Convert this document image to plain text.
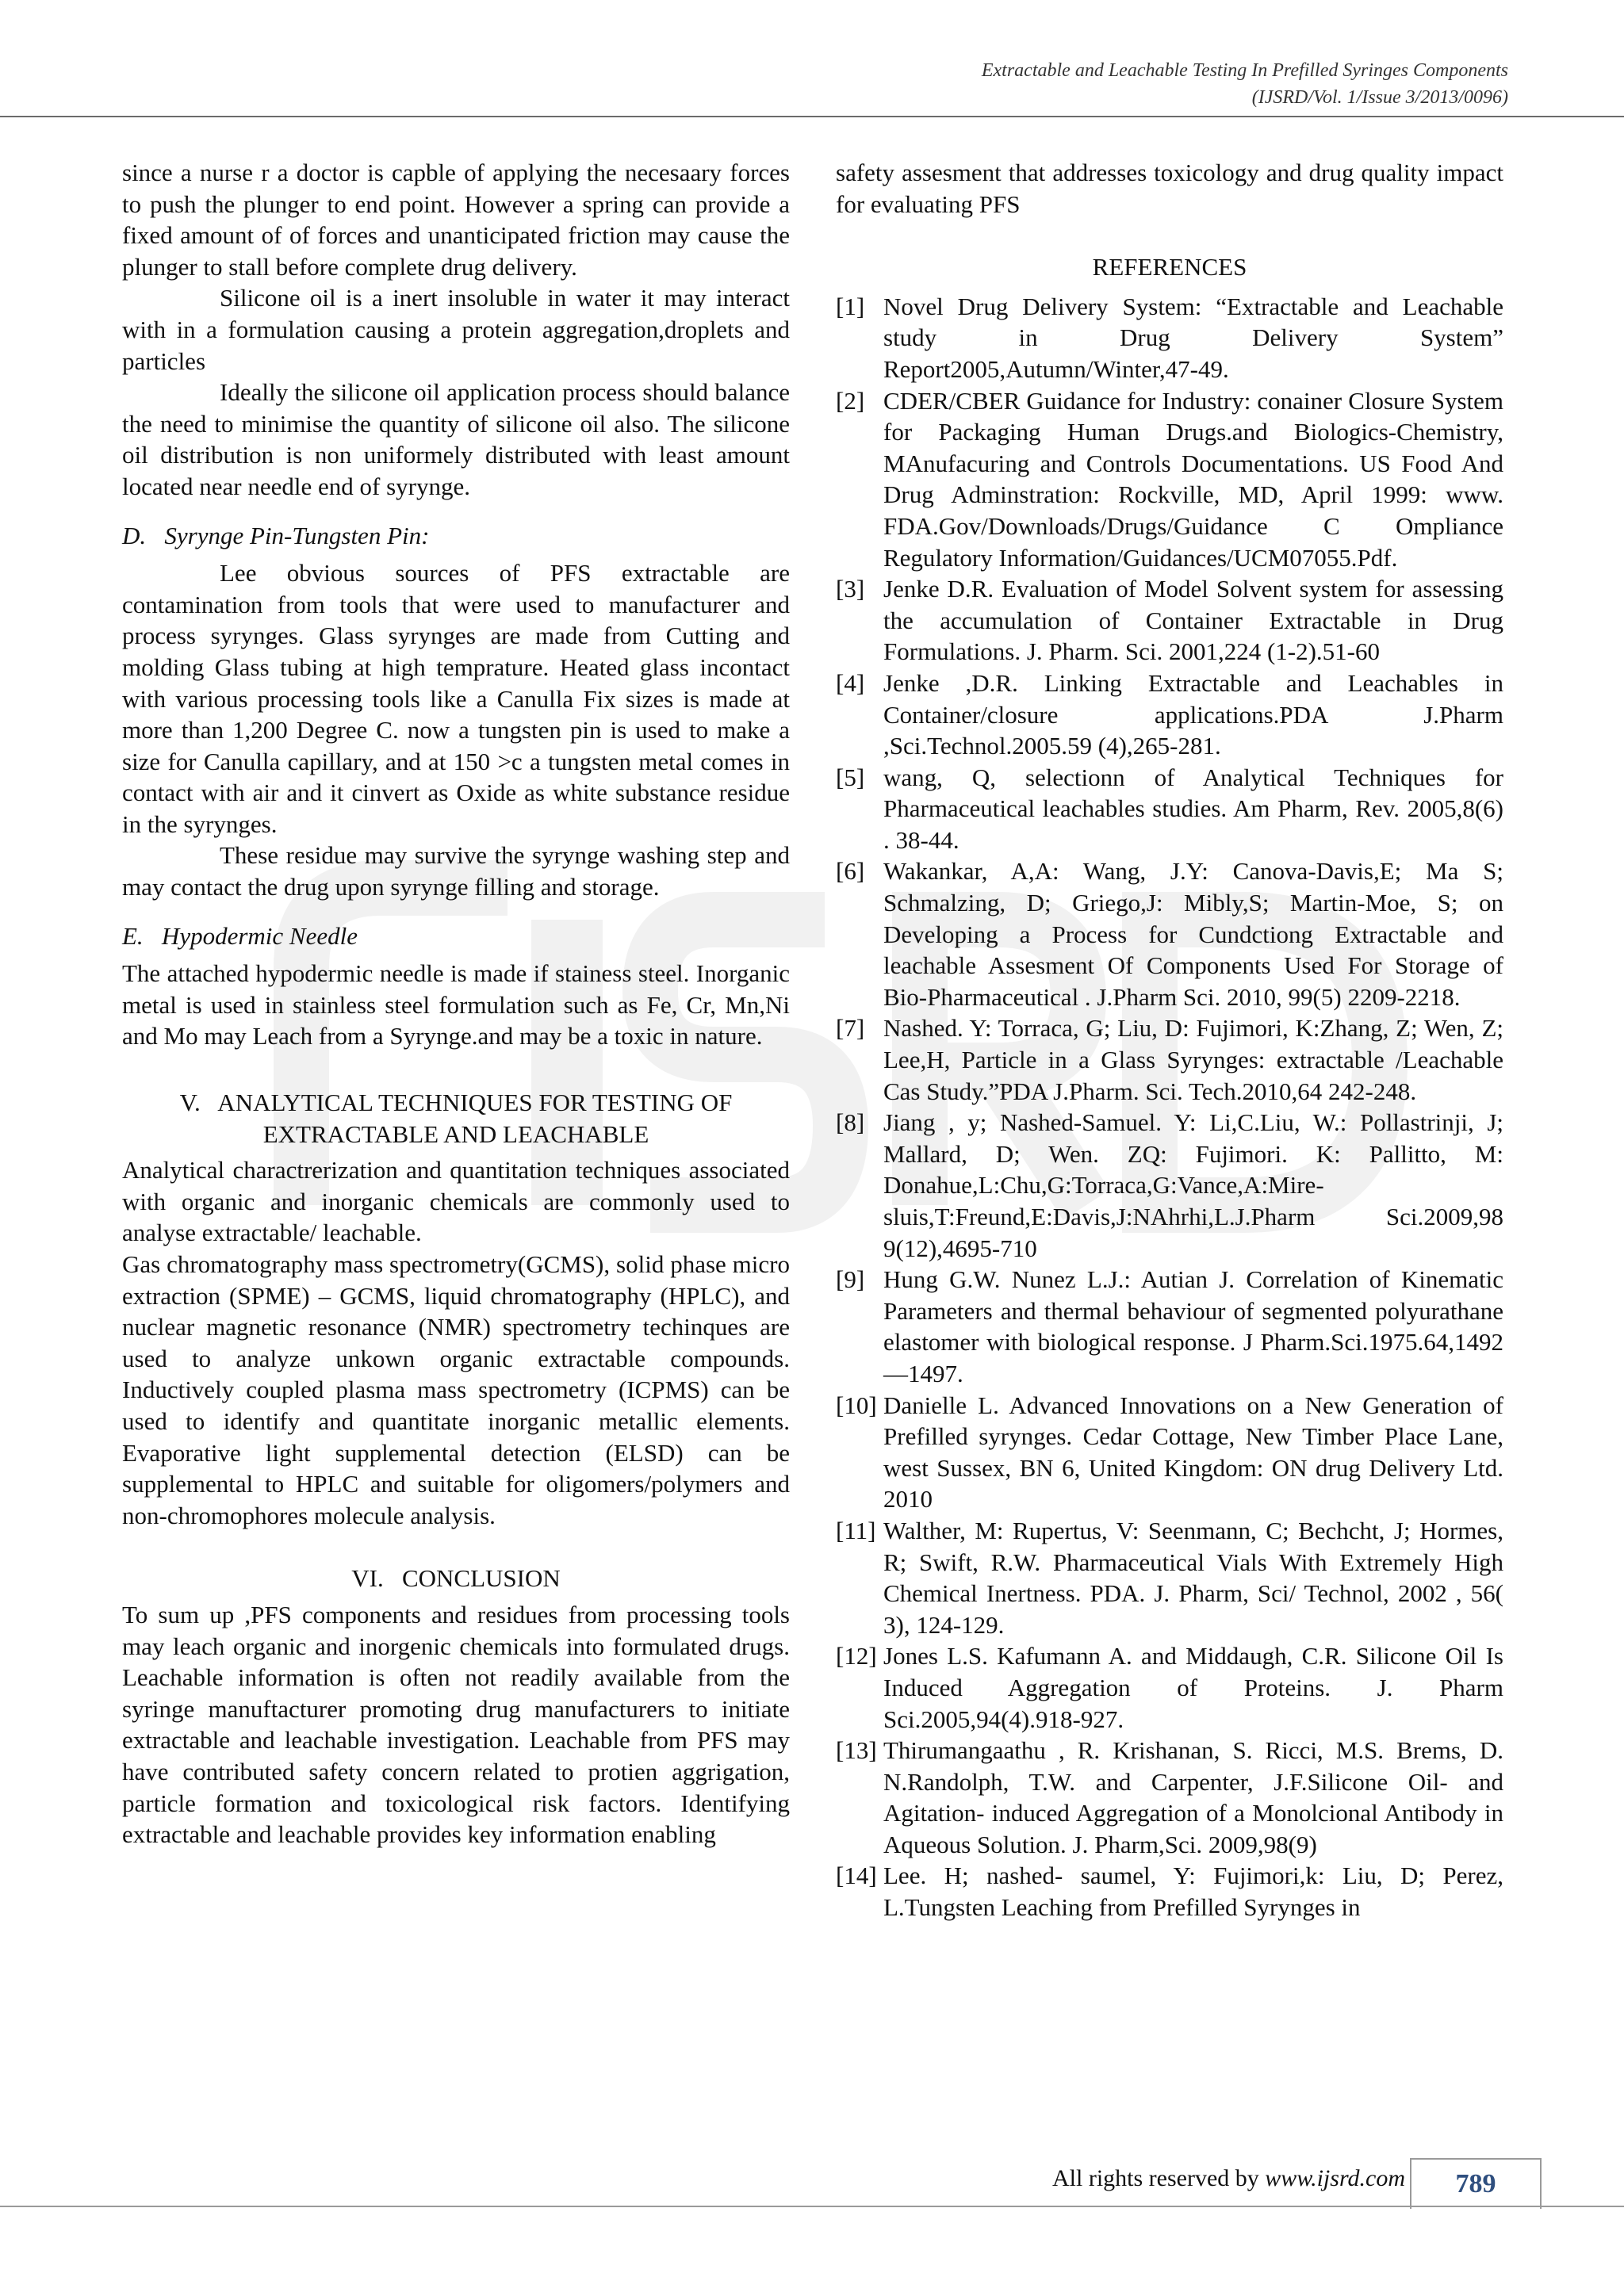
Extractable and Leachable Testing In Prefilled Syringes Components
(IJSRD/Vol. 1/Issue 3/2013/0096)

since a nurse r a doctor is capble of applying the necesaary forces to push the plunger to end point. However a spring can provide a fixed amount of of forces and unanticipated friction may cause the plunger to stall before complete drug delivery.

Silicone oil is a inert insoluble in water it may interact with in a formulation causing a protein aggregation,droplets and particles

Ideally the silicone oil application process should balance the need to minimise the quantity of silicone oil also. The silicone oil distribution is non uniformely distributed with least amount located near needle end of syrynge.

D.   Syrynge Pin-Tungsten Pin:

Lee obvious sources of PFS extractable are contamination from tools that were used to manufacturer and process syrynges. Glass syrynges are made from Cutting and molding Glass tubing at high temprature. Heated glass incontact with various processing tools like a Canulla Fix sizes is made at more than 1,200 Degree C. now a tungsten pin is used to make a size for Canulla capillary, and at 150 >c a tungsten metal comes in contact with air and it cinvert as Oxide as white substance residue in the syrynges.

These residue may survive the syrynge washing step and may contact the drug upon syrynge filling and storage.

E.   Hypodermic Needle

The attached hypodermic needle is made if stainess steel. Inorganic metal is used in stainless steel formulation such as Fe, Cr, Mn,Ni and Mo may Leach from a Syrynge.and may be a toxic in nature.

V.   ANALYTICAL TECHNIQUES FOR TESTING OF
EXTRACTABLE AND LEACHABLE

Analytical charactrerization and quantitation techniques associated with organic and inorganic chemicals are commonly used to analyse extractable/ leachable.

Gas chromatography mass spectrometry(GCMS), solid phase micro extraction (SPME) – GCMS, liquid chromatography (HPLC), and nuclear magnetic resonance (NMR) spectrometry techinques are used to analyze unkown organic extractable compounds. Inductively coupled plasma mass spectrometry (ICPMS) can be used to identify and quantitate inorganic metallic elements. Evaporative light supplemental detection (ELSD) can be supplemental to HPLC and suitable for oligomers/polymers and non-chromophores molecule analysis.

VI.   CONCLUSION

To sum up ,PFS components and residues from processing tools may leach organic and inorgenic chemicals into formulated drugs. Leachable information is often not readily available from the syringe manuftacturer promoting drug manufacturers to initiate extractable and leachable investigation. Leachable from PFS may have contributed safety concern related to protien aggrigation, particle formation and toxicological risk factors. Identifying extractable and leachable provides key information enabling

safety assesment that addresses toxicology and drug quality impact for evaluating PFS

REFERENCES
[1] Novel Drug Delivery System: “Extractable and Leachable study in Drug Delivery System” Report2005,Autumn/Winter,47-49.
[2] CDER/CBER Guidance for Industry: conainer Closure System for Packaging Human Drugs.and Biologics-Chemistry, MAnufacuring and Controls Documentations. US Food And Drug Adminstration: Rockville, MD, April 1999: www. FDA.Gov/Downloads/Drugs/Guidance C Ompliance Regulatory Information/Guidances/UCM07055.Pdf.
[3] Jenke D.R. Evaluation of Model Solvent system for assessing the accumulation of Container Extractable in Drug Formulations. J. Pharm. Sci. 2001,224 (1-2).51-60
[4] Jenke ,D.R. Linking Extractable and Leachables in Container/closure applications.PDA J.Pharm ,Sci.Technol.2005.59 (4),265-281.
[5] wang, Q, selectionn of Analytical Techniques for Pharmaceutical leachables studies. Am Pharm, Rev. 2005,8(6) . 38-44.
[6] Wakankar, A,A: Wang, J.Y: Canova-Davis,E; Ma S; Schmalzing, D; Griego,J: Mibly,S; Martin-Moe, S; on Developing a Process for Cundctiong Extractable and leachable Assesment Of Components Used For Storage of Bio-Pharmaceutical . J.Pharm Sci. 2010, 99(5) 2209-2218.
[7] Nashed. Y: Torraca, G; Liu, D: Fujimori, K:Zhang, Z; Wen, Z; Lee,H, Particle in a Glass Syrynges: extractable /Leachable Cas Study.”PDA J.Pharm. Sci. Tech.2010,64 242-248.
[8] Jiang , y; Nashed-Samuel. Y: Li,C.Liu, W.: Pollastrinji, J; Mallard, D; Wen. ZQ: Fujimori. K: Pallitto, M: Donahue,L:Chu,G:Torraca,G:Vance,A:Mire-sluis,T:Freund,E:Davis,J:NAhrhi,L.J.Pharm Sci.2009,98 9(12),4695-710
[9] Hung G.W. Nunez L.J.: Autian J. Correlation of Kinematic Parameters and thermal behaviour of segmented polyurathane elastomer with biological response. J Pharm.Sci.1975.64,1492—1497.
[10] Danielle L. Advanced Innovations on a New Generation of Prefilled syrynges. Cedar Cottage, New Timber Place Lane, west Sussex, BN 6, United Kingdom: ON drug Delivery Ltd. 2010
[11] Walther, M: Rupertus, V: Seenmann, C; Bechcht, J; Hormes, R; Swift, R.W. Pharmaceutical Vials With Extremely High Chemical Inertness. PDA. J. Pharm, Sci/ Technol, 2002 , 56( 3), 124-129.
[12] Jones L.S. Kafumann A. and Middaugh, C.R. Silicone Oil Is Induced Aggregation of Proteins. J. Pharm Sci.2005,94(4).918-927.
[13] Thirumangaathu , R. Krishanan, S. Ricci, M.S. Brems, D. N.Randolph, T.W. and Carpenter, J.F.Silicone Oil- and Agitation- induced Aggregation of a Monolcional Antibody in Aqueous Solution. J. Pharm,Sci. 2009,98(9)
[14] Lee. H; nashed- saumel, Y: Fujimori,k: Liu, D; Perez, L.Tungsten Leaching from Prefilled Syrynges in
All rights reserved by www.ijsrd.com	789
